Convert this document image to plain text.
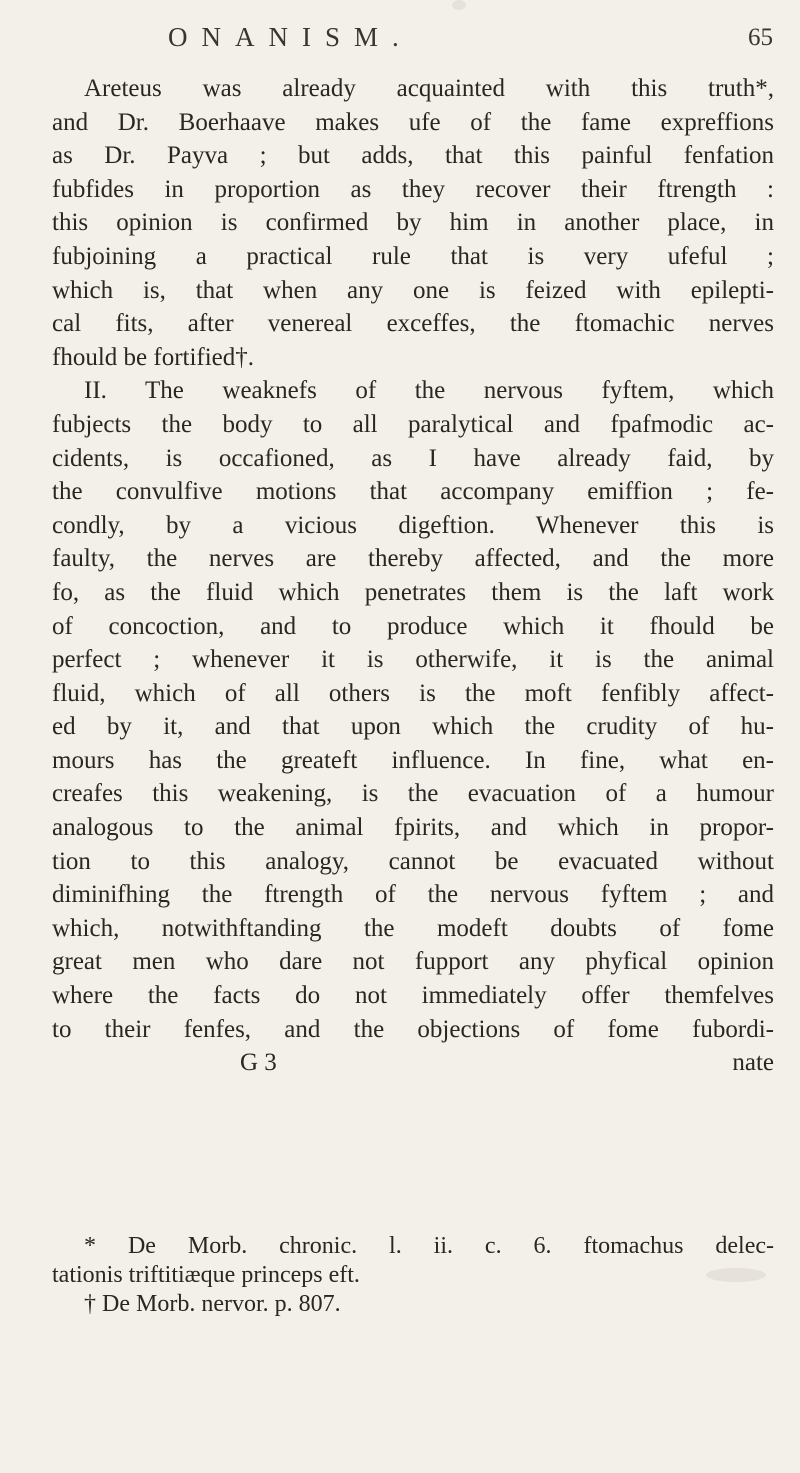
ONANISM.	65
Areteus was already acquainted with this truth*,
and Dr. Boerhaave makes ufe of the fame expreffions
as Dr. Payva ; but adds, that this painful fenfation
fubfides in proportion as they recover their ftrength :
this opinion is confirmed by him in another place, in
fubjoining a practical rule that is very ufeful ;
which is, that when any one is feized with epilepti-
cal fits, after venereal exceffes, the ftomachic nerves
fhould be fortified†.
II. The weaknefs of the nervous fyftem, which
fubjects the body to all paralytical and fpafmodic ac-
cidents, is occafioned, as I have already faid, by
the convulfive motions that accompany emiffion ; fe-
condly, by a vicious digeftion. Whenever this is
faulty, the nerves are thereby affected, and the more
fo, as the fluid which penetrates them is the laft work
of concoction, and to produce which it fhould be
perfect ; whenever it is otherwife, it is the animal
fluid, which of all others is the moft fenfibly affect-
ed by it, and that upon which the crudity of hu-
mours has the greateft influence. In fine, what en-
creafes this weakening, is the evacuation of a humour
analogous to the animal fpirits, and which in propor-
tion to this analogy, cannot be evacuated without
diminifhing the ftrength of the nervous fyftem ; and
which, notwithftanding the modeft doubts of fome
great men who dare not fupport any phyfical opinion
where the facts do not immediately offer themfelves
to their fenfes, and the objections of fome fubordi-
G 3	nate
* De Morb. chronic. l. ii. c. 6. ftomachus delec-
tationis triftitiæque princeps eft.
† De Morb. nervor. p. 807.
